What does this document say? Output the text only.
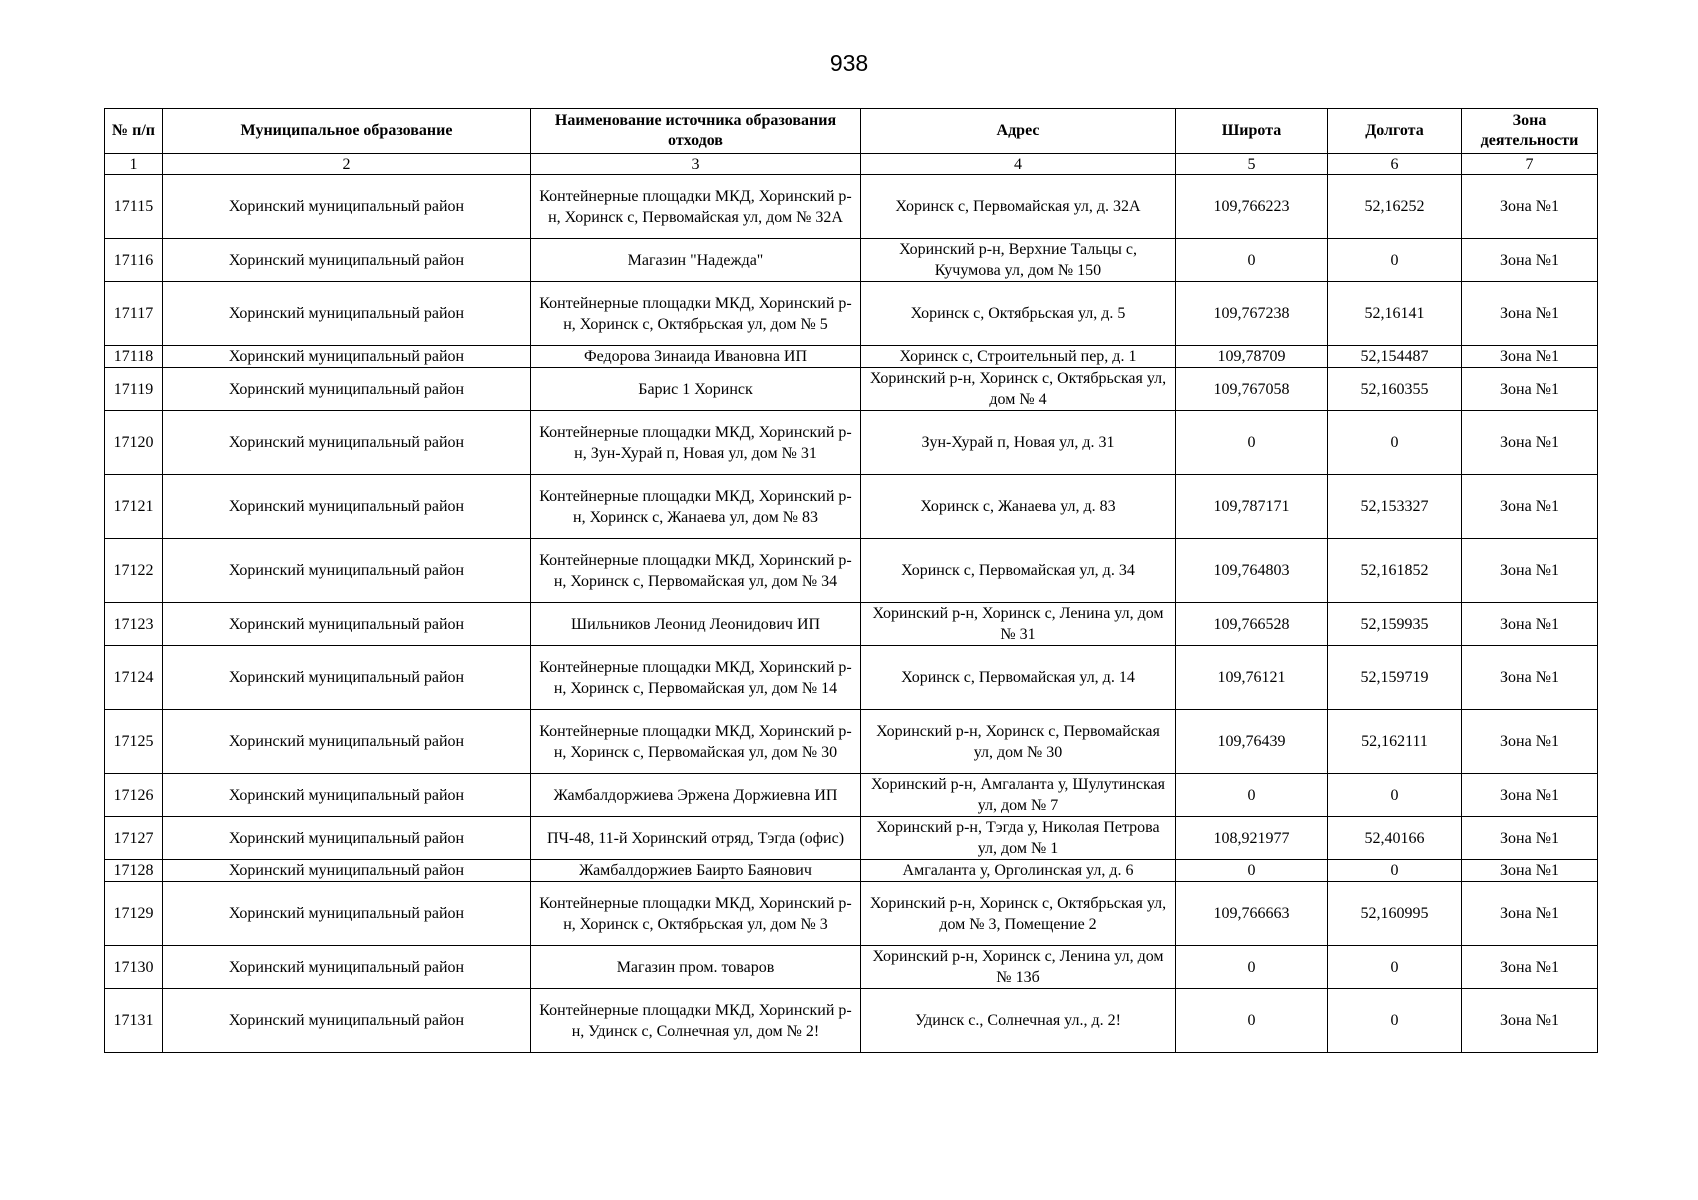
938
№ п/п	Муниципальное образование	Наименование источника образования отходов	Адрес	Широта	Долгота	Зона деятельности
1	2	3	4	5	6	7
17115	Хоринский муниципальный район	Контейнерные площадки МКД, Хоринский р-н, Хоринск с, Первомайская ул, дом № 32А	Хоринск с, Первомайская ул, д. 32А	109,766223	52,16252	Зона №1
17116	Хоринский муниципальный район	Магазин "Надежда"	Хоринский р-н, Верхние Тальцы с, Кучумова ул, дом № 150	0	0	Зона №1
17117	Хоринский муниципальный район	Контейнерные площадки МКД, Хоринский р-н, Хоринск с, Октябрьская ул, дом № 5	Хоринск с, Октябрьская ул, д. 5	109,767238	52,16141	Зона №1
17118	Хоринский муниципальный район	Федорова Зинаида Ивановна ИП	Хоринск с, Строительный пер, д. 1	109,78709	52,154487	Зона №1
17119	Хоринский муниципальный район	Барис 1 Хоринск	Хоринский р-н, Хоринск с, Октябрьская ул, дом № 4	109,767058	52,160355	Зона №1
17120	Хоринский муниципальный район	Контейнерные площадки МКД, Хоринский р-н, Зун-Хурай п, Новая ул, дом № 31	Зун-Хурай п, Новая ул, д. 31	0	0	Зона №1
17121	Хоринский муниципальный район	Контейнерные площадки МКД, Хоринский р-н, Хоринск с, Жанаева ул, дом № 83	Хоринск с, Жанаева ул, д. 83	109,787171	52,153327	Зона №1
17122	Хоринский муниципальный район	Контейнерные площадки МКД, Хоринский р-н, Хоринск с, Первомайская ул, дом № 34	Хоринск с, Первомайская ул, д. 34	109,764803	52,161852	Зона №1
17123	Хоринский муниципальный район	Шильников Леонид Леонидович ИП	Хоринский р-н, Хоринск с, Ленина ул, дом № 31	109,766528	52,159935	Зона №1
17124	Хоринский муниципальный район	Контейнерные площадки МКД, Хоринский р-н, Хоринск с, Первомайская ул, дом № 14	Хоринск с, Первомайская ул, д. 14	109,76121	52,159719	Зона №1
17125	Хоринский муниципальный район	Контейнерные площадки МКД, Хоринский р-н, Хоринск с, Первомайская ул, дом № 30	Хоринский р-н, Хоринск с, Первомайская ул, дом № 30	109,76439	52,162111	Зона №1
17126	Хоринский муниципальный район	Жамбалдоржиева Эржена Доржиевна ИП	Хоринский р-н, Амгаланта у, Шулутинская ул, дом № 7	0	0	Зона №1
17127	Хоринский муниципальный район	ПЧ-48, 11-й Хоринский отряд, Тэгда (офис)	Хоринский р-н, Тэгда у, Николая Петрова ул, дом № 1	108,921977	52,40166	Зона №1
17128	Хоринский муниципальный район	Жамбалдоржиев Баирто Баянович	Амгаланта у, Орголинская ул, д. 6	0	0	Зона №1
17129	Хоринский муниципальный район	Контейнерные площадки МКД, Хоринский р-н, Хоринск с, Октябрьская ул, дом № 3	Хоринский р-н, Хоринск с, Октябрьская ул, дом № 3, Помещение 2	109,766663	52,160995	Зона №1
17130	Хоринский муниципальный район	Магазин пром. товаров	Хоринский р-н, Хоринск с, Ленина ул, дом № 13б	0	0	Зона №1
17131	Хоринский муниципальный район	Контейнерные площадки МКД, Хоринский р-н, Удинск с, Солнечная ул, дом № 2!	Удинск с., Солнечная ул., д. 2!	0	0	Зона №1
